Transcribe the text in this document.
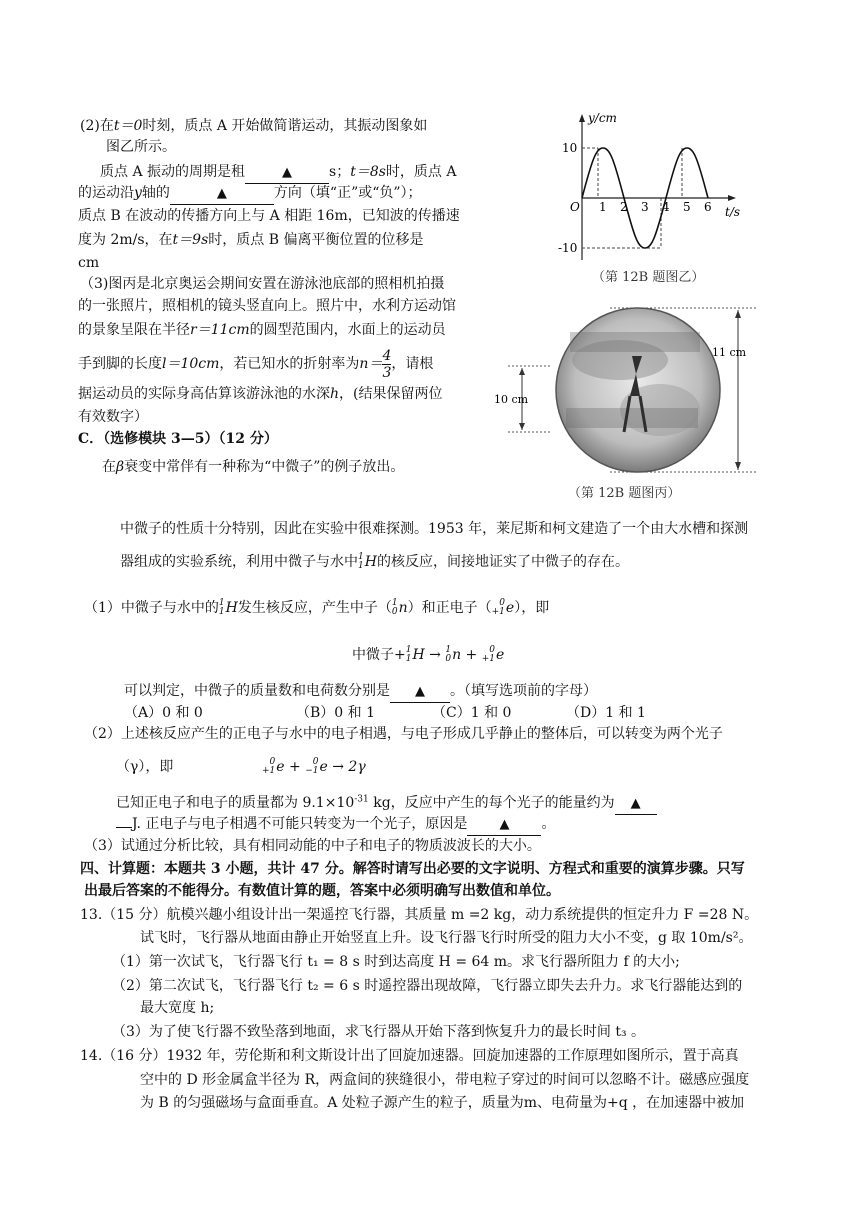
(2)在t＝0时刻，质点 A 开始做简谐运动，其振动图象如
图乙所示。
质点 A 振动的周期是租	▲	s；t＝8s时，质点 A
的运动沿y轴的	▲	方向（填“正”或“负”）；
质点 B 在波动的传播方向上与 A 相距 16m，已知波的传播速
度为 2m/s，在t＝9s时，质点 B 偏离平衡位置的位移是
cm
（3)图丙是北京奥运会期间安置在游泳池底部的照相机拍摄
的一张照片，照相机的镜头竖直向上。照片中，水利方运动馆
的景象呈限在半径r＝11cm的圆型范围内，水面上的运动员
手到脚的长度l＝10cm，若已知水的折射率为$n= \frac{4}{3}$ ，请根
据运动员的实际身高估算该游泳池的水深h，(结果保留两位
有效数字）
C．（选修模块 3—5）（12 分）
在β衰变中常伴有一种称为“中微子”的例子放出。
y/cm
t/s
O
10
-10
1 2 3 4 5 6
（第 12B 题图乙）
11 cm
10 cm
（第 12B 题图丙）
中微子的性质十分特别，因此在实验中很难探测。1953 年，莱尼斯和柯文建造了一个由大水槽和探测
器组成的实验系统，利用中微子与水中 1
1 H的核反应，间接地证实了中微子的存在。
（1）中微子与水中的 1
1 H发生核反应，产生中子（ 1
0 n）和正电子（ 0
+1 e），即
中微子+ 1
1 H → 1
0 n + 0
+1 e
可以判定，中微子的质量数和电荷数分别是 ▲ 。（填写选项前的字母）
（A）0 和 0	（B）0 和 1	（C）1 和 0	（D）1 和 1
（2）上述核反应产生的正电子与水中的电子相遇，与电子形成几乎静止的整体后，可以转变为两个光子
（γ），即	0
+1 e + 0
−1 e → 2γ
已知正电子和电子的质量都为 $9.1\times 10^{-31}$ kg，反应中产生的每个光子的能量约为 ▲
J. 正电子与电子相遇不可能只转变为一个光子，原因是 ▲ 。
（3）试通过分析比较，具有相同动能的中子和电子的物质波波长的大小。
四、计算题：本题共 3 小题，共计 47 分。解答时请写出必要的文字说明、方程式和重要的演算步骤。只写
出最后答案的不能得分。有数值计算的题，答案中必须明确写出数值和单位。
13.（15 分）航模兴趣小组设计出一架遥控飞行器，其质量 m =2 kg，动力系统提供的恒定升力 F =28 N。
试飞时，飞行器从地面由静止开始竖直上升。设飞行器飞行时所受的阻力大小不变，g 取 10m/s²。
（1）第一次试飞，飞行器飞行 t₁ = 8 s 时到达高度 H = 64 m。求飞行器所阻力 f 的大小;
（2）第二次试飞，飞行器飞行 t₂ = 6 s 时遥控器出现故障，飞行器立即失去升力。求飞行器能达到的
最大宽度 h;
（3）为了使飞行器不致坠落到地面，求飞行器从开始下落到恢复升力的最长时间 t₃ 。
14.（16 分）1932 年，劳伦斯和利文斯设计出了回旋加速器。回旋加速器的工作原理如图所示，置于高真
空中的 D 形金属盒半径为 R，两盒间的狭缝很小，带电粒子穿过的时间可以忽略不计。磁感应强度
为 B 的匀强磁场与盒面垂直。A 处粒子源产生的粒子，质量为m、电荷量为+q ，在加速器中被加
